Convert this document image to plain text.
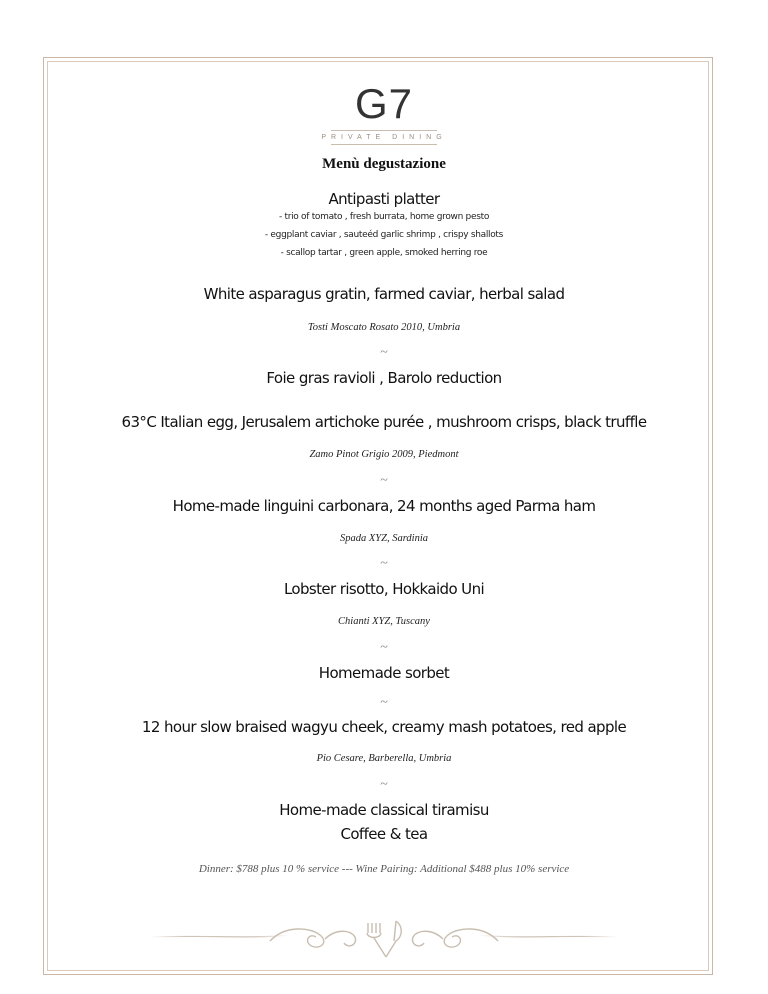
G7
PRIVATE DINING
Menù degustazione
Antipasti platter
- trio of tomato , fresh burrata, home grown pesto
- eggplant caviar , sauteéd garlic shrimp , crispy shallots
- scallop tartar , green apple, smoked herring roe
White asparagus gratin, farmed caviar, herbal salad
Tosti Moscato Rosato 2010, Umbria
~
Foie gras ravioli , Barolo reduction
63°C Italian egg, Jerusalem artichoke purée , mushroom crisps, black truffle
Zamo Pinot Grigio 2009, Piedmont
~
Home-made linguini carbonara, 24 months aged Parma ham
Spada XYZ, Sardinia
~
Lobster risotto, Hokkaido Uni
Chianti XYZ, Tuscany
~
Homemade sorbet
~
12 hour slow braised wagyu cheek, creamy mash potatoes, red apple
Pio Cesare, Barberella, Umbria
~
Home-made classical tiramisu
Coffee & tea
Dinner: $788 plus 10 % service --- Wine Pairing: Additional $488 plus 10% service
